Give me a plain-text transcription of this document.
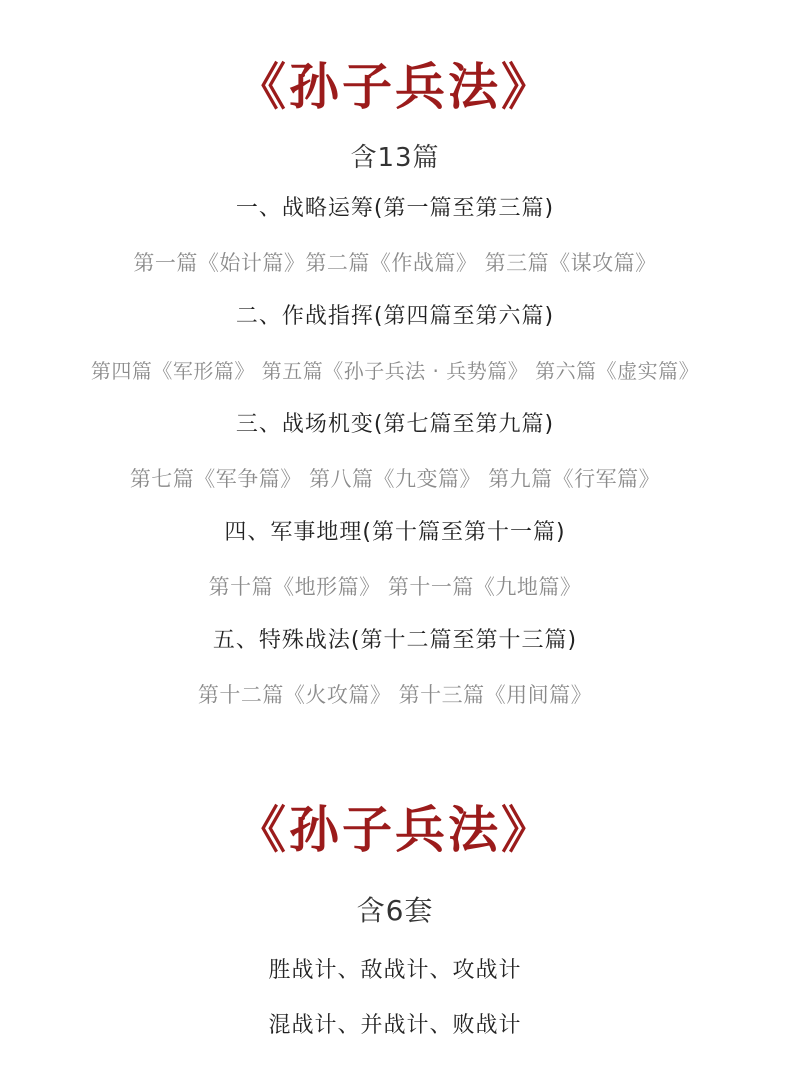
《孙子兵法》
含13篇
一、战略运筹(第一篇至第三篇)
第一篇《始计篇》第二篇《作战篇》 第三篇《谋攻篇》
二、作战指挥(第四篇至第六篇)
第四篇《军形篇》 第五篇《孙子兵法 · 兵势篇》 第六篇《虚实篇》
三、战场机变(第七篇至第九篇)
第七篇《军争篇》 第八篇《九变篇》 第九篇《行军篇》
四、军事地理(第十篇至第十一篇)
第十篇《地形篇》 第十一篇《九地篇》
五、特殊战法(第十二篇至第十三篇)
第十二篇《火攻篇》 第十三篇《用间篇》
《孙子兵法》
含6套
胜战计、敌战计、攻战计
混战计、并战计、败战计
